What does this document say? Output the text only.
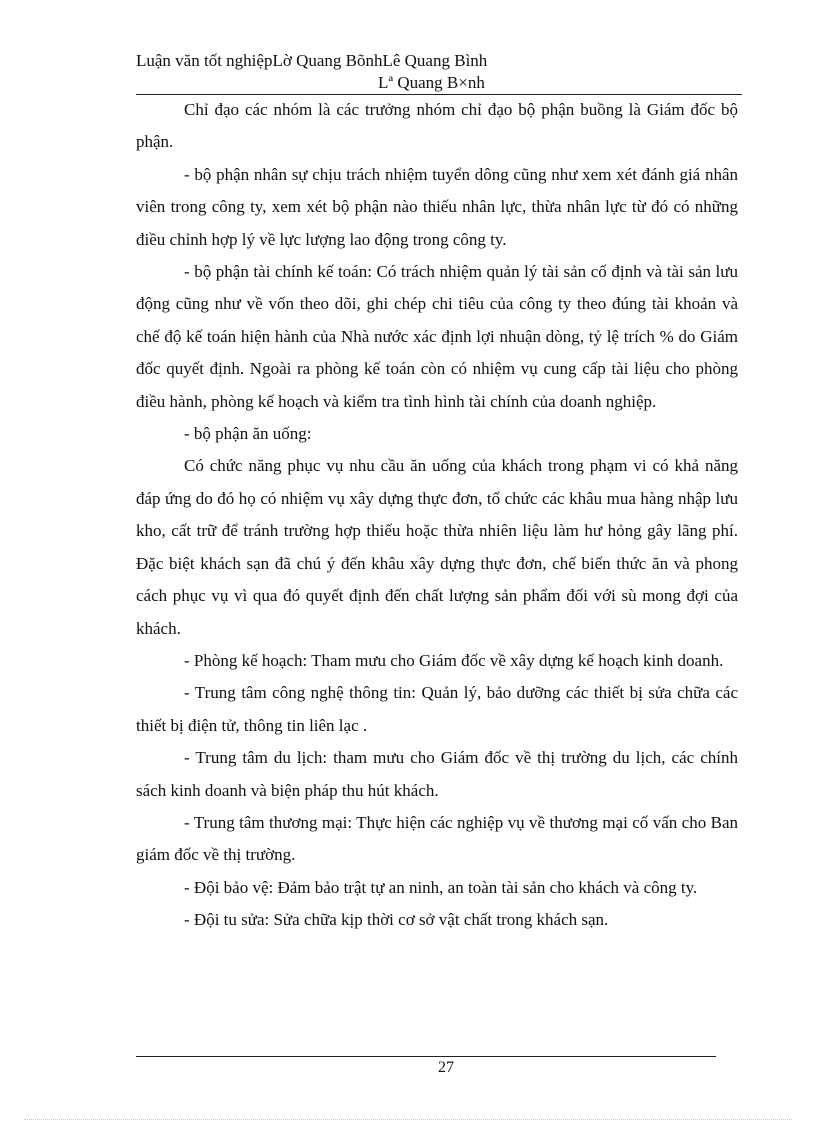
Luận văn tốt nghiệpLờ Quang BõnhLê Quang Bình
Lª Quang B×nh

Chỉ đạo các nhóm là các trưởng nhóm chỉ đạo bộ phận buồng là Giám đốc bộ phận.

- bộ phận nhân sự chịu trách nhiệm tuyển dông cũng như xem xét đánh giá nhân viên trong công ty, xem xét bộ phận nào thiếu nhân lực, thừa nhân lực từ đó có những điều chỉnh hợp lý về lực lượng lao động trong công ty.

- bộ phận tài chính kế toán: Có trách nhiệm quản lý tài sản cố định và tài sản lưu động cũng như về vốn theo dõi, ghi chép chi tiêu của công ty theo đúng tài khoản và chế độ kế toán hiện hành của Nhà nước xác định lợi nhuận dòng, tỷ lệ trích % do Giám đốc quyết định. Ngoài ra phòng kế toán còn có nhiệm vụ cung cấp tài liệu cho phòng điều hành, phòng kế hoạch và kiểm tra tình hình tài chính của doanh nghiệp.

- bộ phận ăn uống:

Có chức năng phục vụ nhu cầu ăn uống của khách trong phạm vi có khả năng đáp ứng do đó họ có nhiệm vụ xây dựng thực đơn, tổ chức các khâu mua hàng nhập lưu kho, cất trữ để tránh trường hợp thiếu hoặc thừa nhiên liệu làm hư hỏng gây lãng phí. Đặc biệt khách sạn đã chú ý đến khâu xây dựng thực đơn, chế biến thức ăn và phong cách phục vụ vì qua đó quyết định đến chất lượng sản phẩm đối với sù mong đợi của khách.

- Phòng kế hoạch: Tham mưu cho Giám đốc về xây dựng kế hoạch kinh doanh.

- Trung tâm công nghệ thông tin: Quản lý, bảo dưỡng các thiết bị sửa chữa các thiết bị điện tử, thông tin liên lạc .

- Trung tâm du lịch: tham mưu cho Giám đốc về thị trường du lịch, các chính sách kinh doanh và biện pháp thu hút khách.

- Trung tâm thương mại: Thực hiện các nghiệp vụ về thương mại cố vấn cho Ban giám đốc về thị trường.

- Đội bảo vệ: Đảm bảo trật tự an ninh, an toàn tài sản cho khách và công ty.

- Đội tu sửa: Sửa chữa kịp thời cơ sở vật chất trong khách sạn.

27
